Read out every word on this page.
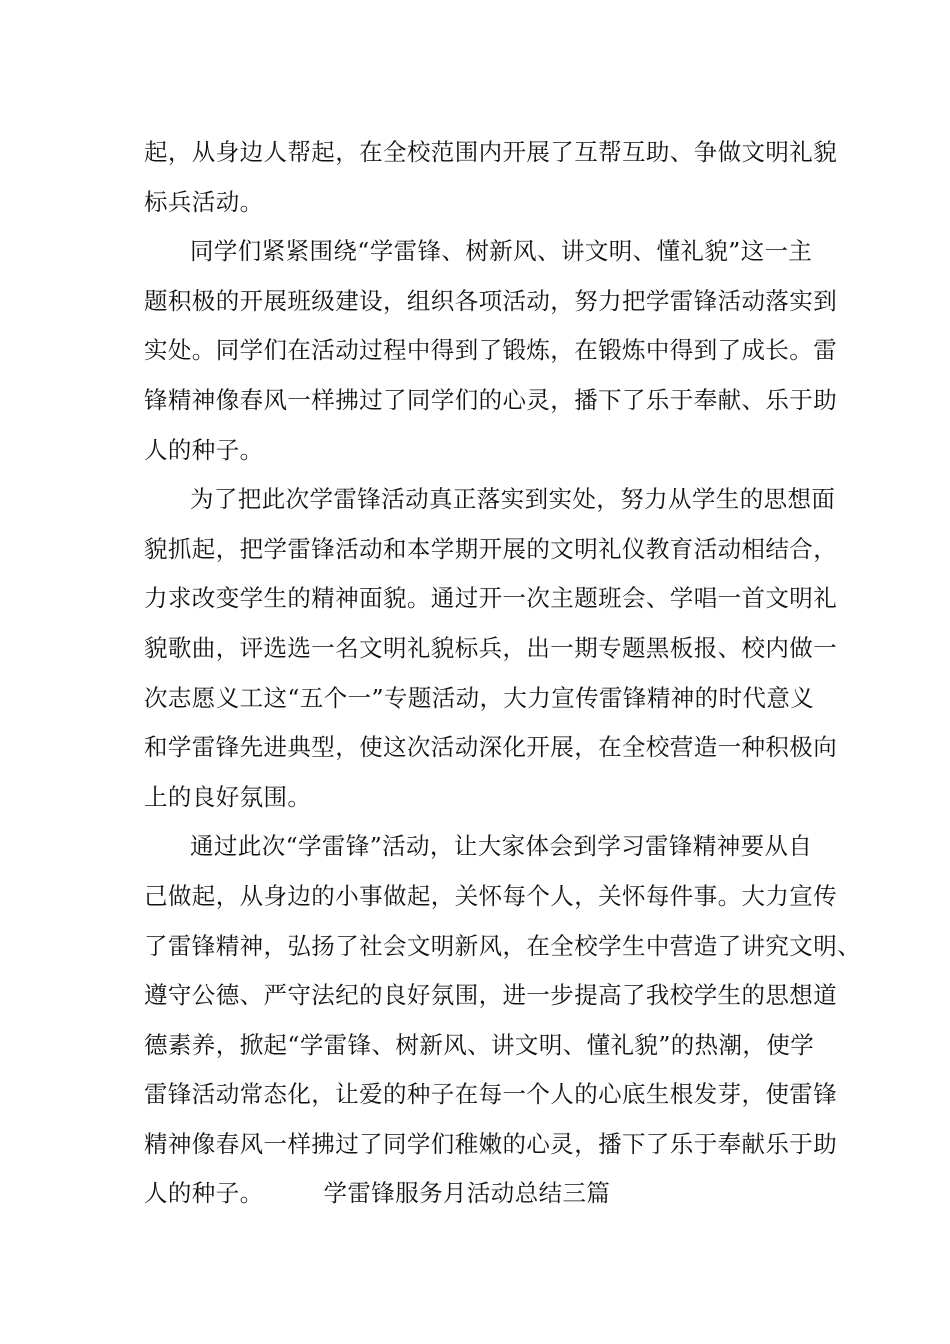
起，从身边人帮起，在全校范围内开展了互帮互助、争做文明礼貌
标兵活动。
同学们紧紧围绕“学雷锋、树新风、讲文明、懂礼貌”这一主
题积极的开展班级建设，组织各项活动，努力把学雷锋活动落实到
实处。同学们在活动过程中得到了锻炼，在锻炼中得到了成长。雷
锋精神像春风一样拂过了同学们的心灵，播下了乐于奉献、乐于助
人的种子。
为了把此次学雷锋活动真正落实到实处，努力从学生的思想面
貌抓起，把学雷锋活动和本学期开展的文明礼仪教育活动相结合，
力求改变学生的精神面貌。通过开一次主题班会、学唱一首文明礼
貌歌曲，评选选一名文明礼貌标兵，出一期专题黑板报、校内做一
次志愿义工这“五个一”专题活动，大力宣传雷锋精神的时代意义
和学雷锋先进典型，使这次活动深化开展，在全校营造一种积极向
上的良好氛围。
通过此次“学雷锋”活动，让大家体会到学习雷锋精神要从自
己做起，从身边的小事做起，关怀每个人，关怀每件事。大力宣传
了雷锋精神，弘扬了社会文明新风，在全校学生中营造了讲究文明、
遵守公德、严守法纪的良好氛围，进一步提高了我校学生的思想道
德素养，掀起“学雷锋、树新风、讲文明、懂礼貌”的热潮，使学
雷锋活动常态化，让爱的种子在每一个人的心底生根发芽，使雷锋
精神像春风一样拂过了同学们稚嫩的心灵，播下了乐于奉献乐于助
人的种子。	学雷锋服务月活动总结三篇
